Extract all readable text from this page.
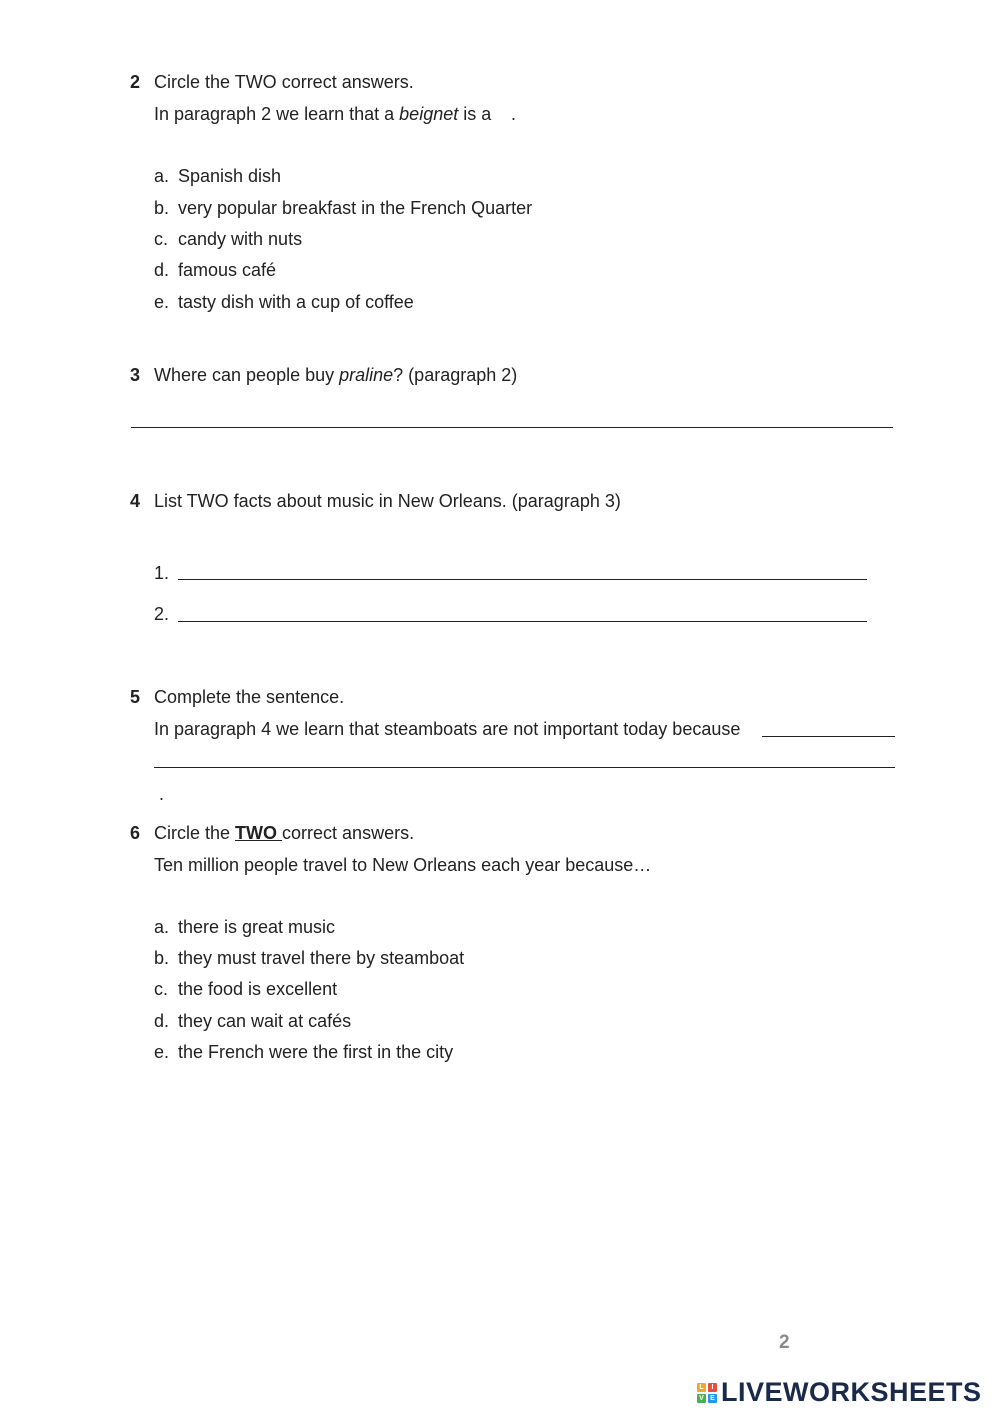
2 Circle the TWO correct answers.
In paragraph 2 we learn that a beignet is a .
a. Spanish dish
b. very popular breakfast in the French Quarter
c. candy with nuts
d. famous café
e. tasty dish with a cup of coffee
3 Where can people buy praline? (paragraph 2)
4 List TWO facts about music in New Orleans. (paragraph 3)
1.
2.
5 Complete the sentence.
In paragraph 4 we learn that steamboats are not important today because
.
6 Circle the TWO correct answers.
Ten million people travel to New Orleans each year because…
a. there is great music
b. they must travel there by steamboat
c. the food is excellent
d. they can wait at cafés
e. the French were the first in the city
2
L	I
V E LIVEWORKSHEETS
